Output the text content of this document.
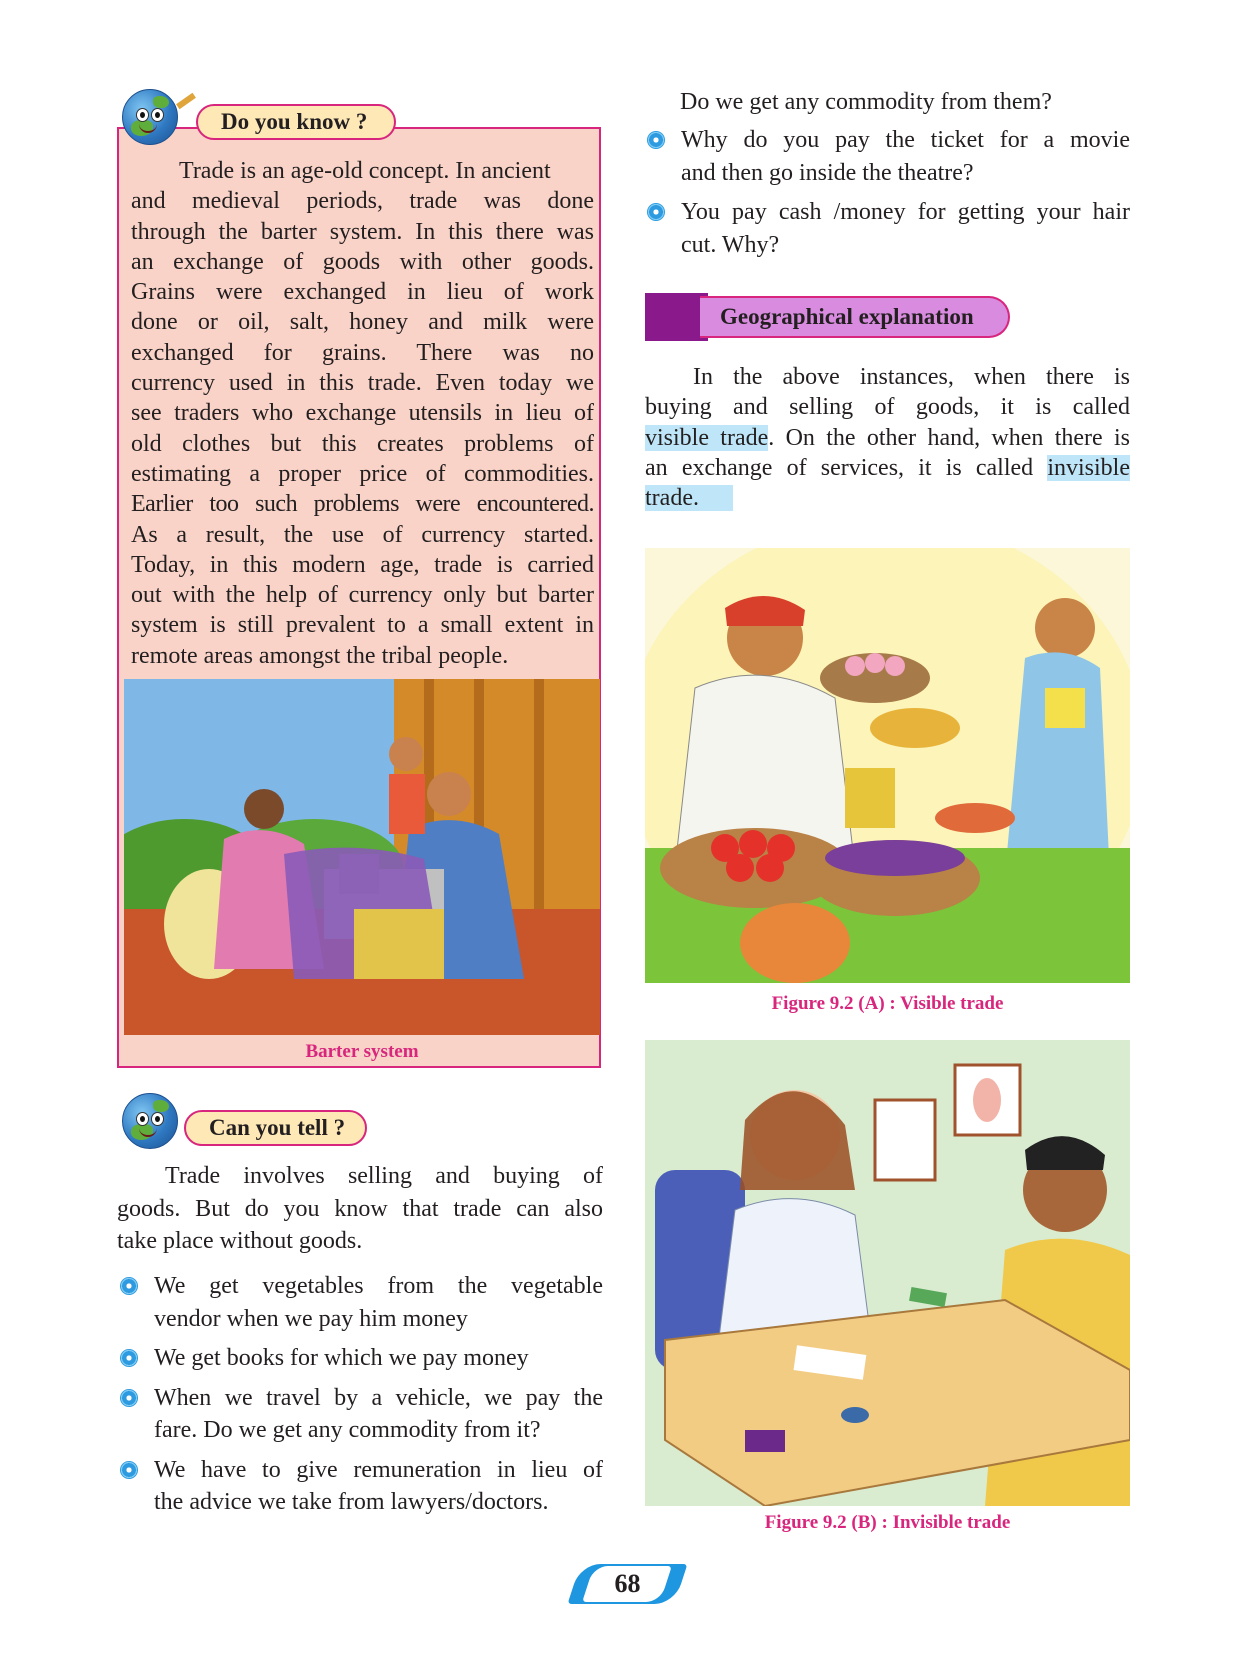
Do you know ?
Trade is an age-old concept. In ancient
and medieval periods, trade was done
through the barter system. In this there was
an exchange of goods with other goods.
Grains were exchanged in lieu of work
done or oil, salt, honey and milk were
exchanged for grains. There was no
currency used in this trade. Even today we
see traders who exchange utensils in lieu of
old clothes but this creates problems of
estimating a proper price of commodities.
Earlier too such problems were encountered.
As a result, the use of currency started.
Today, in this modern age, trade is carried
out with the help of currency only but barter
system is still prevalent to a small extent in
remote areas amongst the tribal people.
Barter system
Can you tell ?
Trade involves selling and buying of
goods. But do you know that trade can also
take place without goods.
We get vegetables from the vegetable
vendor when we pay him money
We get books for which we pay money
When we travel by a vehicle, we pay the
fare. Do we get any commodity from it?
We have to give remuneration in lieu of
the advice we take from lawyers/doctors.
Do we get any commodity from them?
Why do you pay the ticket for a movie
and then go inside the theatre?
You pay cash /money for getting your hair
cut. Why?
Geographical explanation
In the above instances, when there is
buying and selling of goods, it is called
visible trade. On the other hand, when there is
an exchange of services, it is called invisible
trade.
Figure 9.2 (A) : Visible trade
Figure 9.2 (B) : Invisible trade
68
